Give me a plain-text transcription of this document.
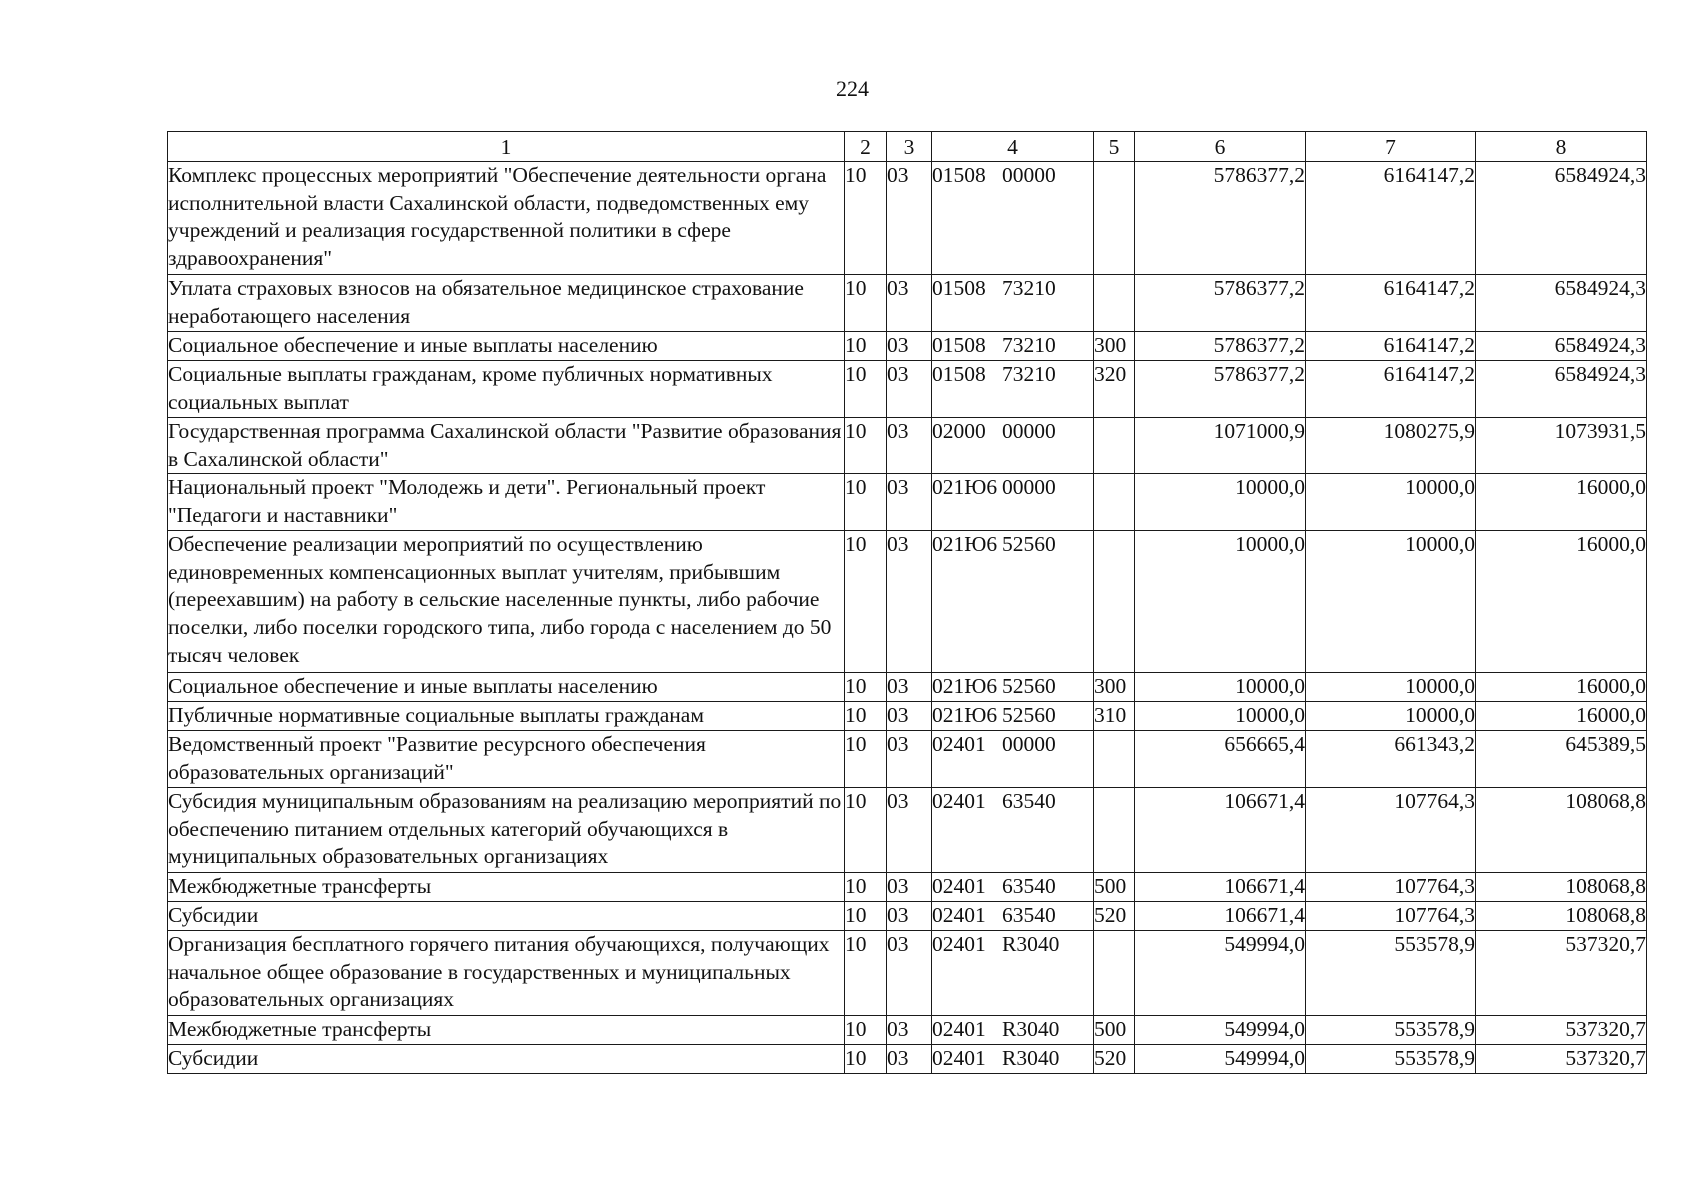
224
1	2	3	4	5	6	7	8
Комплекс процессных мероприятий "Обеспечение деятельности органа исполнительной власти Сахалинской области, подведомственных ему учреждений и реализация государственной политики в сфере здравоохранения"	10	03	01508 00000		5786377,2	6164147,2	6584924,3
Уплата страховых взносов на обязательное медицинское страхование неработающего населения	10	03	01508 73210		5786377,2	6164147,2	6584924,3
Социальное обеспечение и иные выплаты населению	10	03	01508 73210	300	5786377,2	6164147,2	6584924,3
Социальные выплаты гражданам, кроме публичных нормативных социальных выплат	10	03	01508 73210	320	5786377,2	6164147,2	6584924,3
Государственная программа Сахалинской области "Развитие образования в Сахалинской области"	10	03	02000 00000		1071000,9	1080275,9	1073931,5
Национальный проект "Молодежь и дети". Региональный проект "Педагоги и наставники"	10	03	021Ю6 00000		10000,0	10000,0	16000,0
Обеспечение реализации мероприятий по осуществлению единовременных компенсационных выплат учителям, прибывшим (переехавшим) на работу в сельские населенные пункты, либо рабочие поселки, либо поселки городского типа, либо города с населением до 50 тысяч человек	10	03	021Ю6 52560		10000,0	10000,0	16000,0
Социальное обеспечение и иные выплаты населению	10	03	021Ю6 52560	300	10000,0	10000,0	16000,0
Публичные нормативные социальные выплаты гражданам	10	03	021Ю6 52560	310	10000,0	10000,0	16000,0
Ведомственный проект "Развитие ресурсного обеспечения образовательных организаций"	10	03	02401 00000		656665,4	661343,2	645389,5
Субсидия муниципальным образованиям на реализацию мероприятий по обеспечению питанием отдельных категорий обучающихся в муниципальных образовательных организациях	10	03	02401 63540		106671,4	107764,3	108068,8
Межбюджетные трансферты	10	03	02401 63540	500	106671,4	107764,3	108068,8
Субсидии	10	03	02401 63540	520	106671,4	107764,3	108068,8
Организация бесплатного горячего питания обучающихся, получающих начальное общее образование в государственных и муниципальных образовательных организациях	10	03	02401 R3040		549994,0	553578,9	537320,7
Межбюджетные трансферты	10	03	02401 R3040	500	549994,0	553578,9	537320,7
Субсидии	10	03	02401 R3040	520	549994,0	553578,9	537320,7
